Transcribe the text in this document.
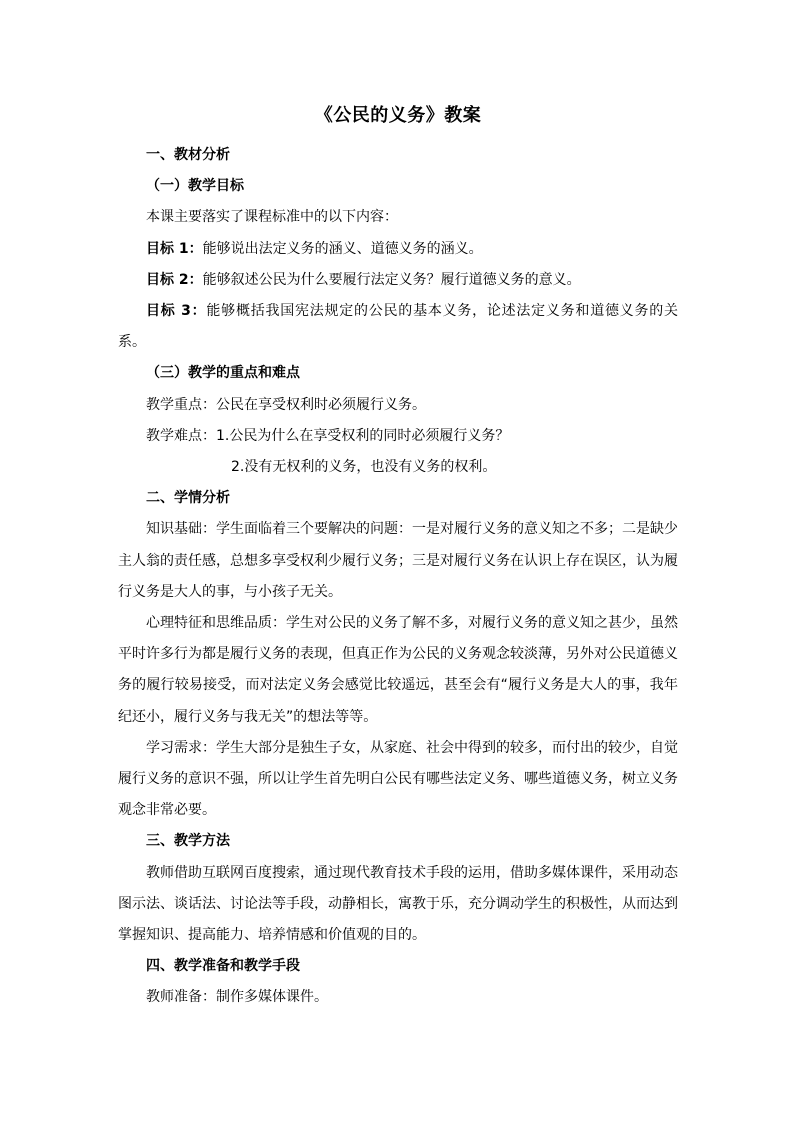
《公民的义务》教案
一、教材分析
（一）教学目标
本课主要落实了课程标准中的以下内容：
目标 1：能够说出法定义务的涵义、道德义务的涵义。
目标 2：能够叙述公民为什么要履行法定义务？履行道德义务的意义。

目标 3：能够概括我国宪法规定的公民的基本义务，论述法定义务和道德义务的关系。

（三）教学的重点和难点
教学重点：公民在享受权利时必须履行义务。
教学难点：1.公民为什么在享受权利的同时必须履行义务？
2.没有无权利的义务，也没有义务的权利。
二、学情分析

知识基础：学生面临着三个要解决的问题：一是对履行义务的意义知之不多；二是缺少主人翁的责任感，总想多享受权利少履行义务；三是对履行义务在认识上存在误区，认为履行义务是大人的事，与小孩子无关。

心理特征和思维品质：学生对公民的义务了解不多，对履行义务的意义知之甚少，虽然平时许多行为都是履行义务的表现，但真正作为公民的义务观念较淡薄，另外对公民道德义务的履行较易接受，而对法定义务会感觉比较遥远，甚至会有“履行义务是大人的事，我年纪还小，履行义务与我无关”的想法等等。

学习需求：学生大部分是独生子女，从家庭、社会中得到的较多，而付出的较少，自觉履行义务的意识不强，所以让学生首先明白公民有哪些法定义务、哪些道德义务，树立义务观念非常必要。

三、教学方法

教师借助互联网百度搜索，通过现代教育技术手段的运用，借助多媒体课件，采用动态图示法、谈话法、讨论法等手段，动静相长，寓教于乐，充分调动学生的积极性，从而达到掌握知识、提高能力、培养情感和价值观的目的。

四、教学准备和教学手段
教师准备：制作多媒体课件。
